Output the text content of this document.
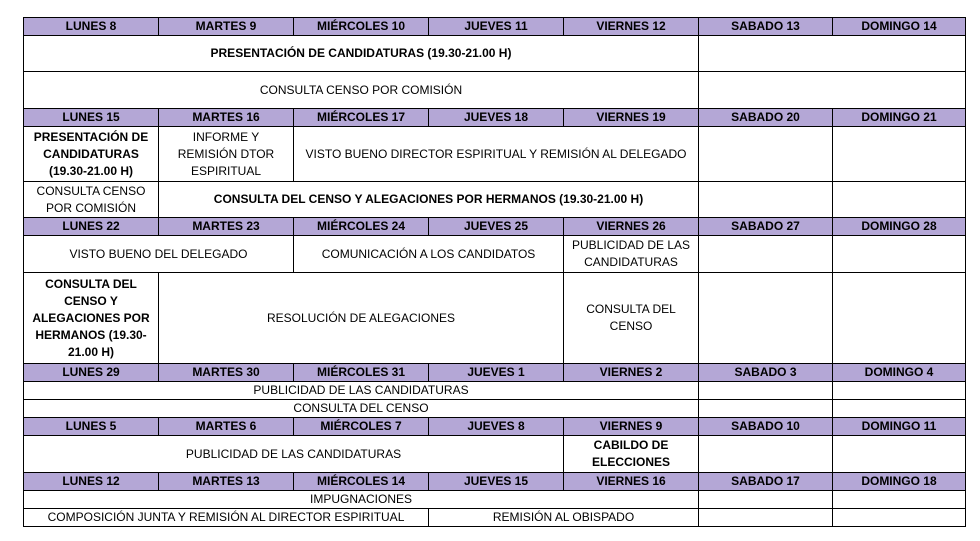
LUNES 8	MARTES 9	MIÉRCOLES 10	JUEVES 11	VIERNES 12	SABADO 13	DOMINGO 14
PRESENTACIÓN DE CANDIDATURAS (19.30-21.00 H)						
CONSULTA CENSO POR COMISIÓN						
LUNES 15	MARTES 16	MIÉRCOLES 17	JUEVES 18	VIERNES 19	SABADO 20	DOMINGO 21
PRESENTACIÓN DE CANDIDATURAS (19.30-21.00 H)	INFORME Y REMISIÓN DTOR ESPIRITUAL	VISTO BUENO DIRECTOR ESPIRITUAL Y REMISIÓN AL DELEGADO				
CONSULTA CENSO POR COMISIÓN	CONSULTA DEL CENSO Y ALEGACIONES POR HERMANOS (19.30-21.00 H)					
LUNES 22	MARTES 23	MIÉRCOLES 24	JUEVES 25	VIERNES 26	SABADO 27	DOMINGO 28
VISTO BUENO DEL DELEGADO		COMUNICACIÓN A LOS CANDIDATOS		PUBLICIDAD DE LAS CANDIDATURAS		
CONSULTA DEL CENSO Y ALEGACIONES POR HERMANOS (19.30-21.00 H)	RESOLUCIÓN DE ALEGACIONES			CONSULTA DEL CENSO		
LUNES 29	MARTES 30	MIÉRCOLES 31	JUEVES 1	VIERNES 2	SABADO 3	DOMINGO 4
PUBLICIDAD DE LAS CANDIDATURAS						
CONSULTA DEL CENSO						
LUNES 5	MARTES 6	MIÉRCOLES 7	JUEVES 8	VIERNES 9	SABADO 10	DOMINGO 11
PUBLICIDAD DE LAS CANDIDATURAS				CABILDO DE ELECCIONES		
LUNES 12	MARTES 13	MIÉRCOLES 14	JUEVES 15	VIERNES 16	SABADO 17	DOMINGO 18
IMPUGNACIONES						
COMPOSICIÓN JUNTA Y REMISIÓN AL DIRECTOR ESPIRITUAL			REMISIÓN AL OBISPADO			
